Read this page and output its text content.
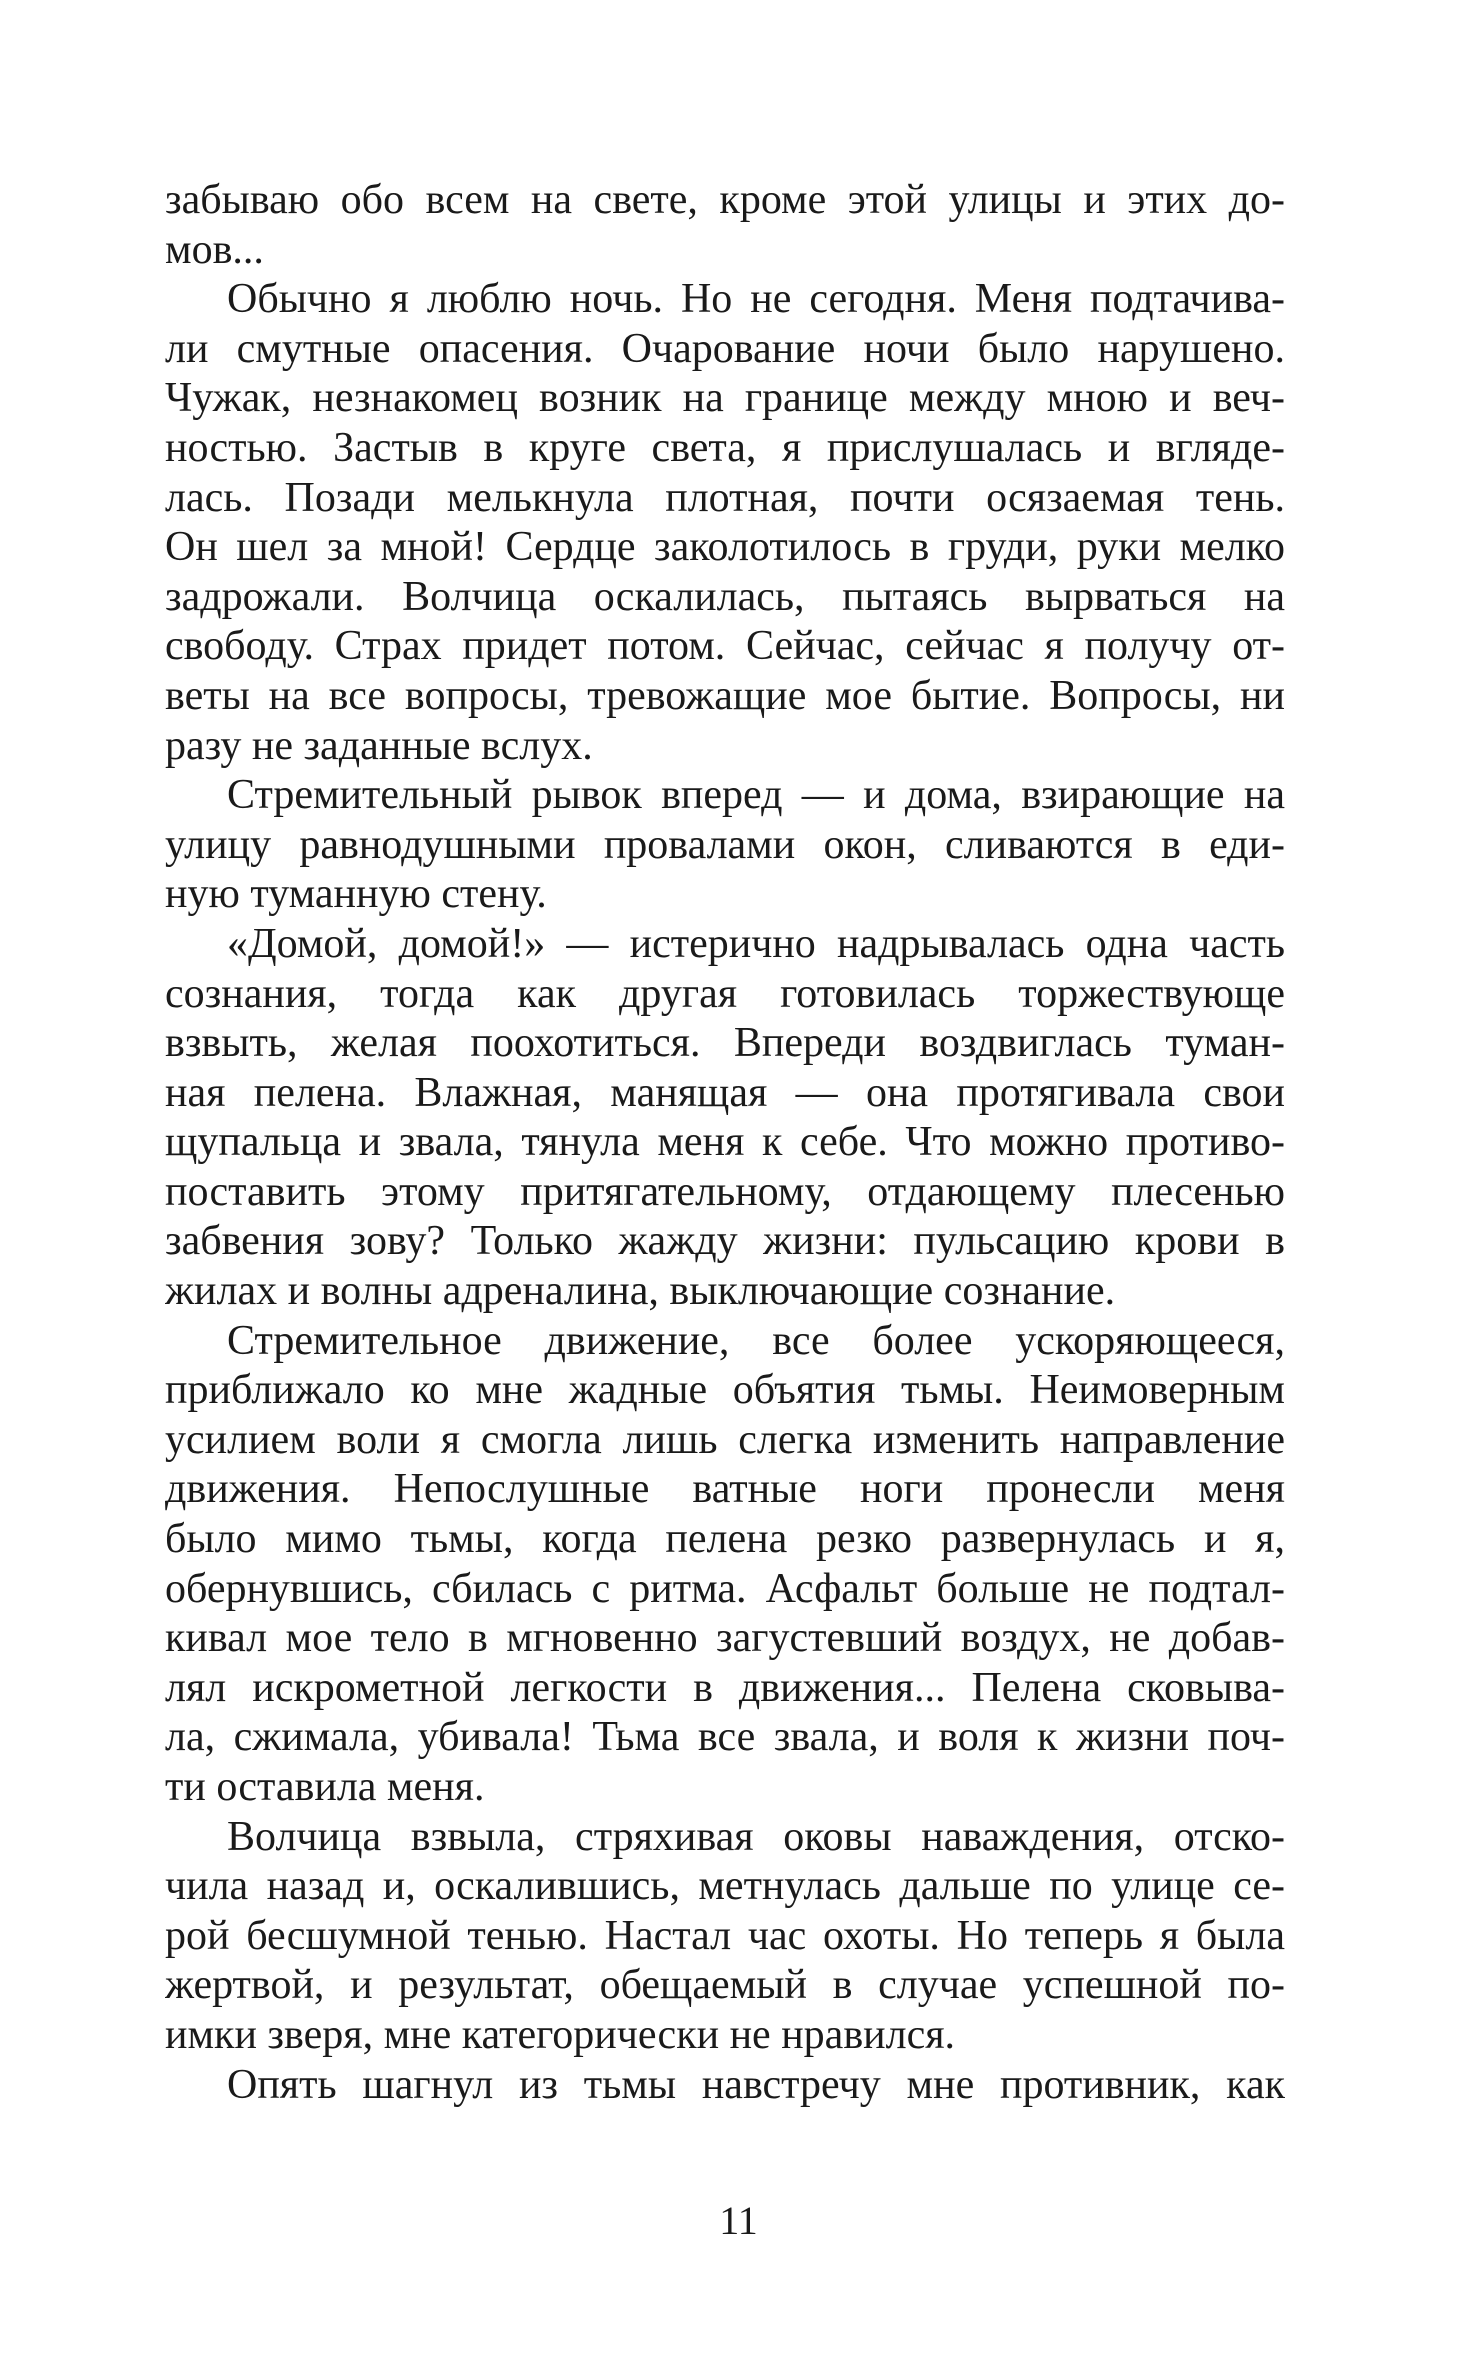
забываю обо всем на свете, кроме этой улицы и этих до-
мов...
Обычно я люблю ночь. Но не сегодня. Меня подтачива-
ли смутные опасения. Очарование ночи было нарушено.
Чужак, незнакомец возник на границе между мною и веч-
ностью. Застыв в круге света, я прислушалась и вгляде-
лась. Позади мелькнула плотная, почти осязаемая тень.
Он шел за мной! Сердце заколотилось в груди, руки мелко
задрожали. Волчица оскалилась, пытаясь вырваться на
свободу. Страх придет потом. Сейчас, сейчас я получу от-
веты на все вопросы, тревожащие мое бытие. Вопросы, ни
разу не заданные вслух.
Стремительный рывок вперед — и дома, взирающие на
улицу равнодушными провалами окон, сливаются в еди-
ную туманную стену.
«Домой, домой!» — истерично надрывалась одна часть
сознания, тогда как другая готовилась торжествующе
взвыть, желая поохотиться. Впереди воздвиглась туман-
ная пелена. Влажная, манящая — она протягивала свои
щупальца и звала, тянула меня к себе. Что можно противо-
поставить этому притягательному, отдающему плесенью
забвения зову? Только жажду жизни: пульсацию крови в
жилах и волны адреналина, выключающие сознание.
Стремительное движение, все более ускоряющееся,
приближало ко мне жадные объятия тьмы. Неимоверным
усилием воли я смогла лишь слегка изменить направление
движения. Непослушные ватные ноги пронесли меня
было мимо тьмы, когда пелена резко развернулась и я,
обернувшись, сбилась с ритма. Асфальт больше не подтал-
кивал мое тело в мгновенно загустевший воздух, не добав-
лял искрометной легкости в движения... Пелена сковыва-
ла, сжимала, убивала! Тьма все звала, и воля к жизни поч-
ти оставила меня.
Волчица взвыла, стряхивая оковы наваждения, отско-
чила назад и, оскалившись, метнулась дальше по улице се-
рой бесшумной тенью. Настал час охоты. Но теперь я была
жертвой, и результат, обещаемый в случае успешной по-
имки зверя, мне категорически не нравился.
Опять шагнул из тьмы навстречу мне противник, как
11
